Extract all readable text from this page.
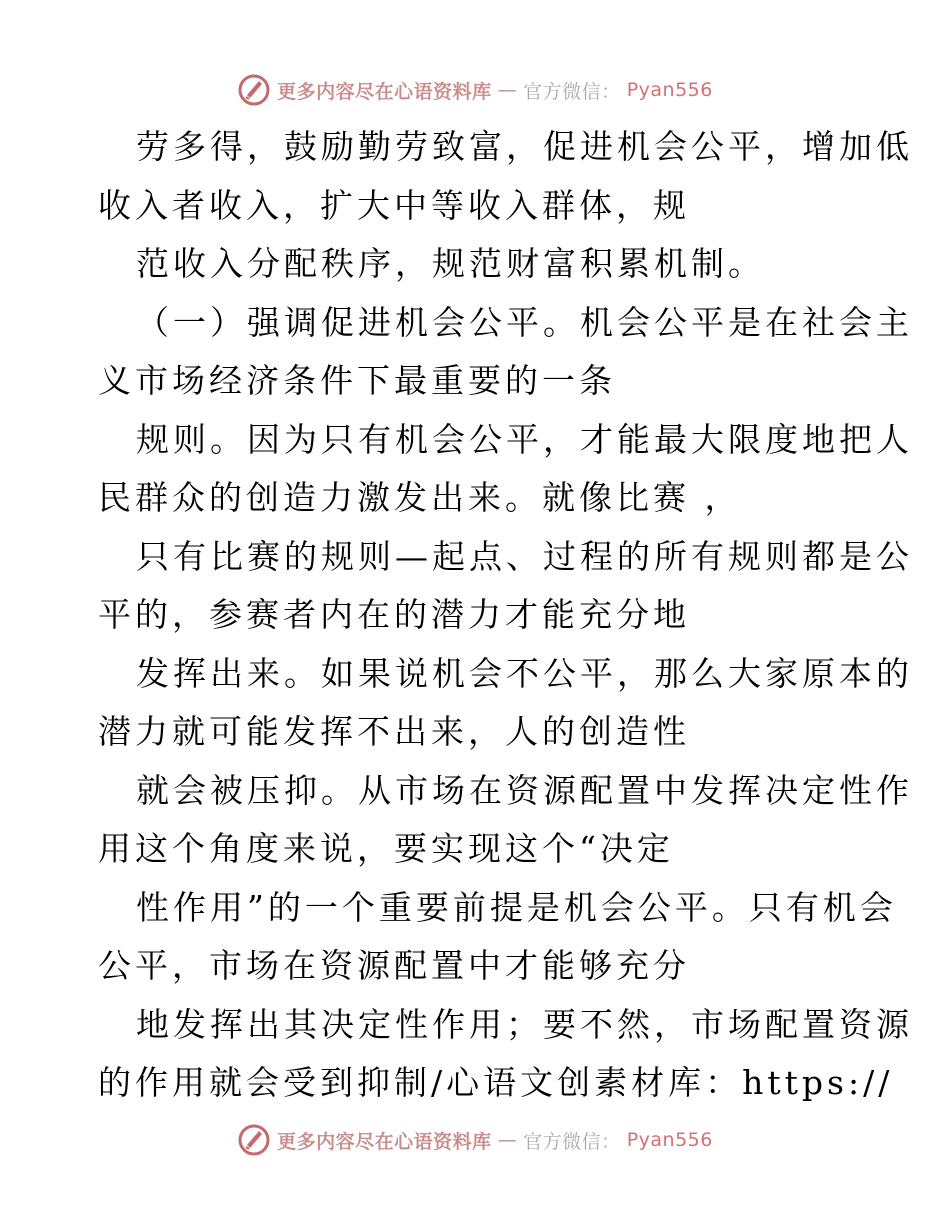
更多内容尽在心语资料库 — 官方微信： Pyan556
劳多得，鼓励勤劳致富，促进机会公平，增加低
收入者收入，扩大中等收入群体，规
范收入分配秩序，规范财富积累机制。
（一）强调促进机会公平。机会公平是在社会主
义市场经济条件下最重要的一条
规则。因为只有机会公平，才能最大限度地把人
民群众的创造力激发出来。就像比赛 ，
只有比赛的规则—起点、过程的所有规则都是公
平的，参赛者内在的潜力才能充分地
发挥出来。如果说机会不公平，那么大家原本的
潜力就可能发挥不出来，人的创造性
就会被压抑。从市场在资源配置中发挥决定性作
用这个角度来说，要实现这个“决定
性作用”的一个重要前提是机会公平。只有机会
公平，市场在资源配置中才能够充分
地发挥出其决定性作用；要不然，市场配置资源
的作用就会受到抑制/心语文创素材库：https://
更多内容尽在心语资料库 — 官方微信： Pyan556
